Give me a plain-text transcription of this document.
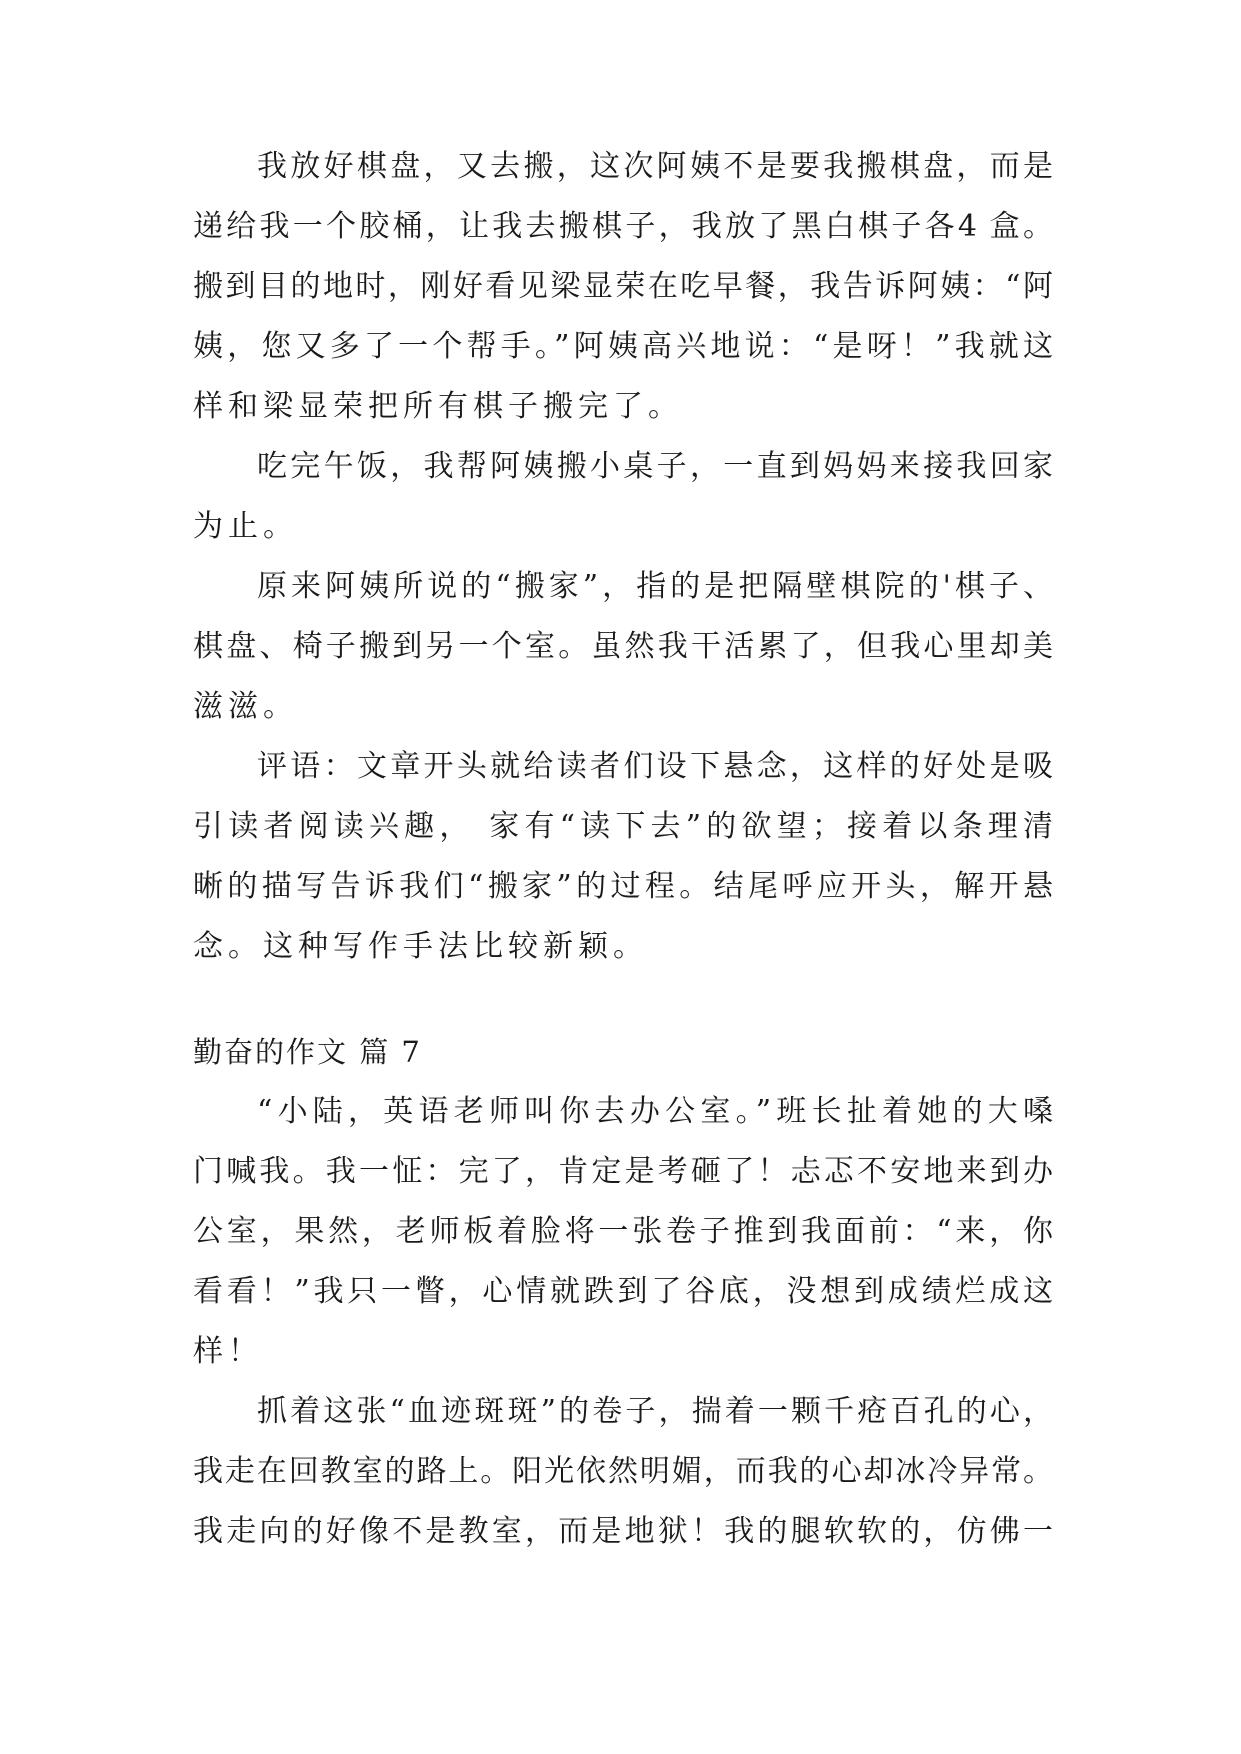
我放好棋盘，又去搬，这次阿姨不是要我搬棋盘，而是
递给我一个胶桶，让我去搬棋子，我放了黑白棋子各4 盒。
搬到目的地时，刚好看见梁显荣在吃早餐，我告诉阿姨：“阿
姨，您又多了一个帮手。”阿姨高兴地说：“是呀！”我就这
样和梁显荣把所有棋子搬完了。
吃完午饭，我帮阿姨搬小桌子，一直到妈妈来接我回家
为止。
原来阿姨所说的“搬家”，指的是把隔壁棋院的'棋子、
棋盘、椅子搬到另一个室。虽然我干活累了，但我心里却美
滋滋。
评语：文章开头就给读者们设下悬念，这样的好处是吸
引读者阅读兴趣， 家有“读下去”的欲望；接着以条理清
晰的描写告诉我们“搬家”的过程。结尾呼应开头，解开悬
念。这种写作手法比较新颖。
勤奋的作文 篇 7
“小陆，英语老师叫你去办公室。”班长扯着她的大嗓
门喊我。我一怔：完了，肯定是考砸了！忐忑不安地来到办
公室，果然，老师板着脸将一张卷子推到我面前：“来，你
看看！”我只一瞥，心情就跌到了谷底，没想到成绩烂成这
样！
抓着这张“血迹斑斑”的卷子，揣着一颗千疮百孔的心，
我走在回教室的路上。阳光依然明媚，而我的心却冰冷异常。
我走向的好像不是教室，而是地狱！我的腿软软的，仿佛一
